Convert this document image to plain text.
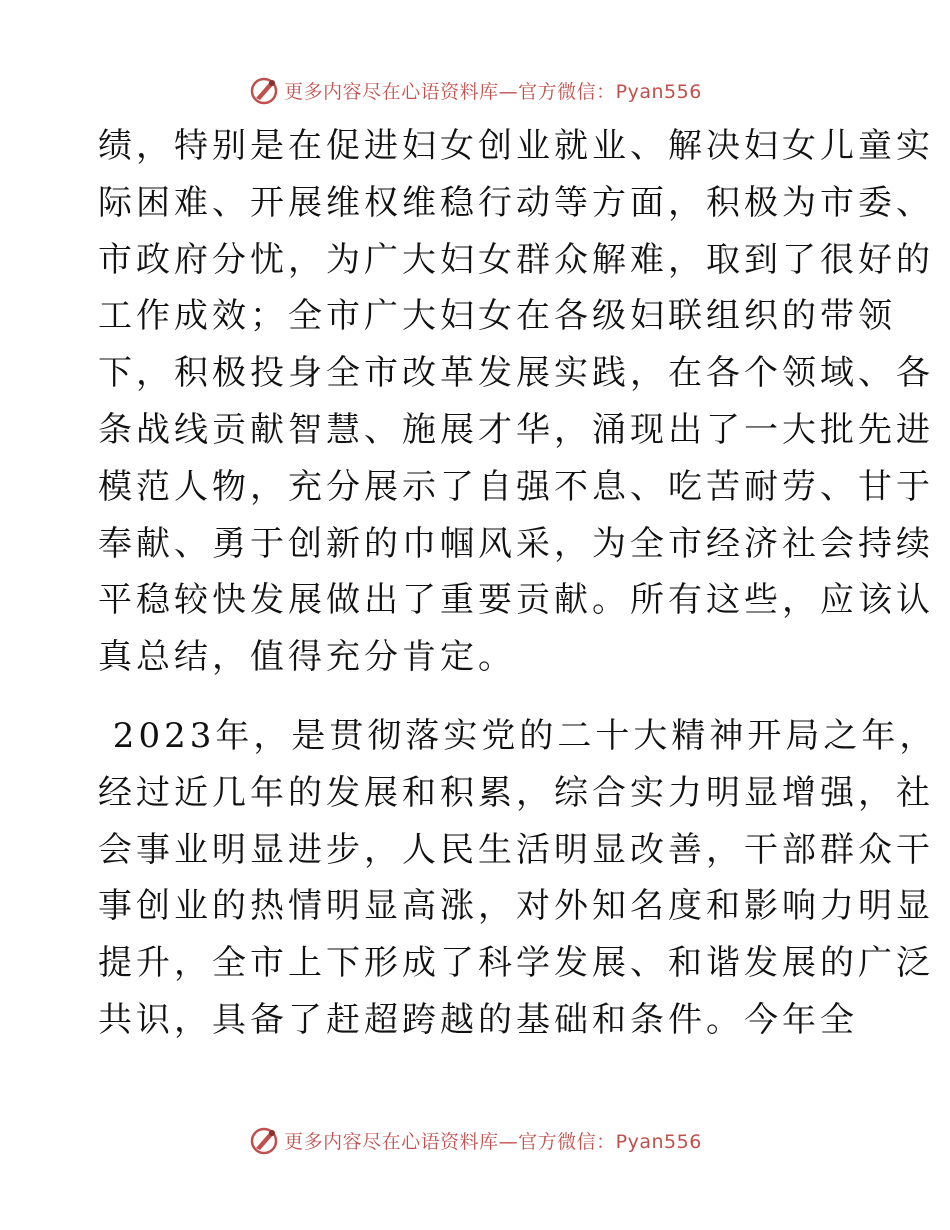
更多内容尽在心语资料库—官方微信：Pyan556
绩，特别是在促进妇女创业就业、解决妇女儿童实
际困难、开展维权维稳行动等方面，积极为市委、
市政府分忧，为广大妇女群众解难，取到了很好的
工作成效；全市广大妇女在各级妇联组织的带领
下，积极投身全市改革发展实践，在各个领域、各
条战线贡献智慧、施展才华，涌现出了一大批先进
模范人物，充分展示了自强不息、吃苦耐劳、甘于
奉献、勇于创新的巾帼风采，为全市经济社会持续
平稳较快发展做出了重要贡献。所有这些，应该认
真总结，值得充分肯定。
2023年，是贯彻落实党的二十大精神开局之年，
经过近几年的发展和积累，综合实力明显增强，社
会事业明显进步，人民生活明显改善，干部群众干
事创业的热情明显高涨，对外知名度和影响力明显
提升，全市上下形成了科学发展、和谐发展的广泛
共识，具备了赶超跨越的基础和条件。今年全
更多内容尽在心语资料库—官方微信：Pyan556
